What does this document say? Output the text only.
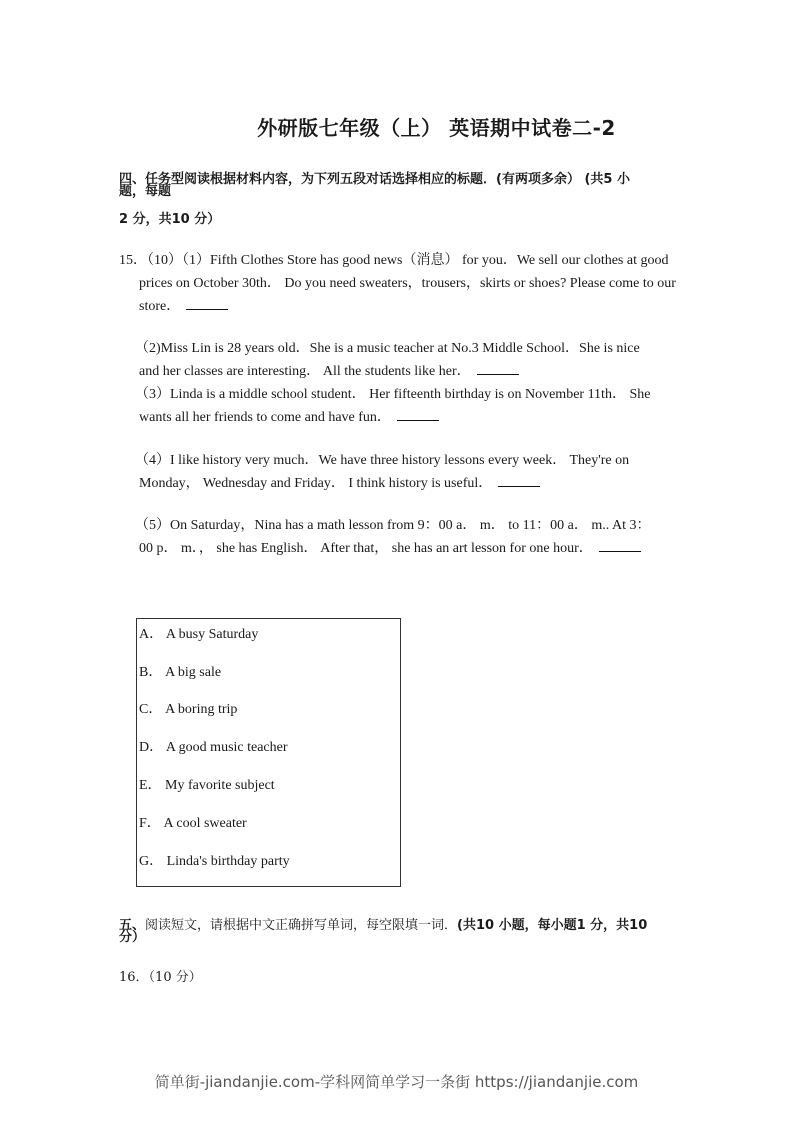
外研版七年级（上） 英语期中试卷二-2
四、任务型阅读根据材料内容，为下列五段对话选择相应的标题．(有两项多余） (共5 小
题，每题
2 分，共10 分）
15．（10）（1）Fifth Clothes Store has good news（消息） for you．We sell our clothes at good
prices on October 30th． Do you need sweaters，trousers，skirts or shoes? Please come to our
store．
（2)Miss Lin is 28 years old．She is a music teacher at No.3 Middle School．She is nice
and her classes are interesting． All the students like her．
（3）Linda is a middle school student． Her fifteenth birthday is on November 11th． She
wants all her friends to come and have fun．
（4）I like history very much．We have three history lessons every week． They're on
Monday， Wednesday and Friday． I think history is useful．
（5）On Saturday，Nina has a math lesson from 9：00 a． m． to 11：00 a． m.. At 3：
00 p． m．， she has English． After that， she has an art lesson for one hour．
A． A busy Saturday
B． A big sale
C． A boring trip
D． A good music teacher
E． My favorite subject
F． A cool sweater
G． Linda's birthday party
五、阅读短文，请根据中文正确拼写单词，每空限填一词．(共10 小题，每小题1 分，共10
分）
16．（10 分）
简单街-jiandanjie.com-学科网简单学习一条街 https://jiandanjie.com
